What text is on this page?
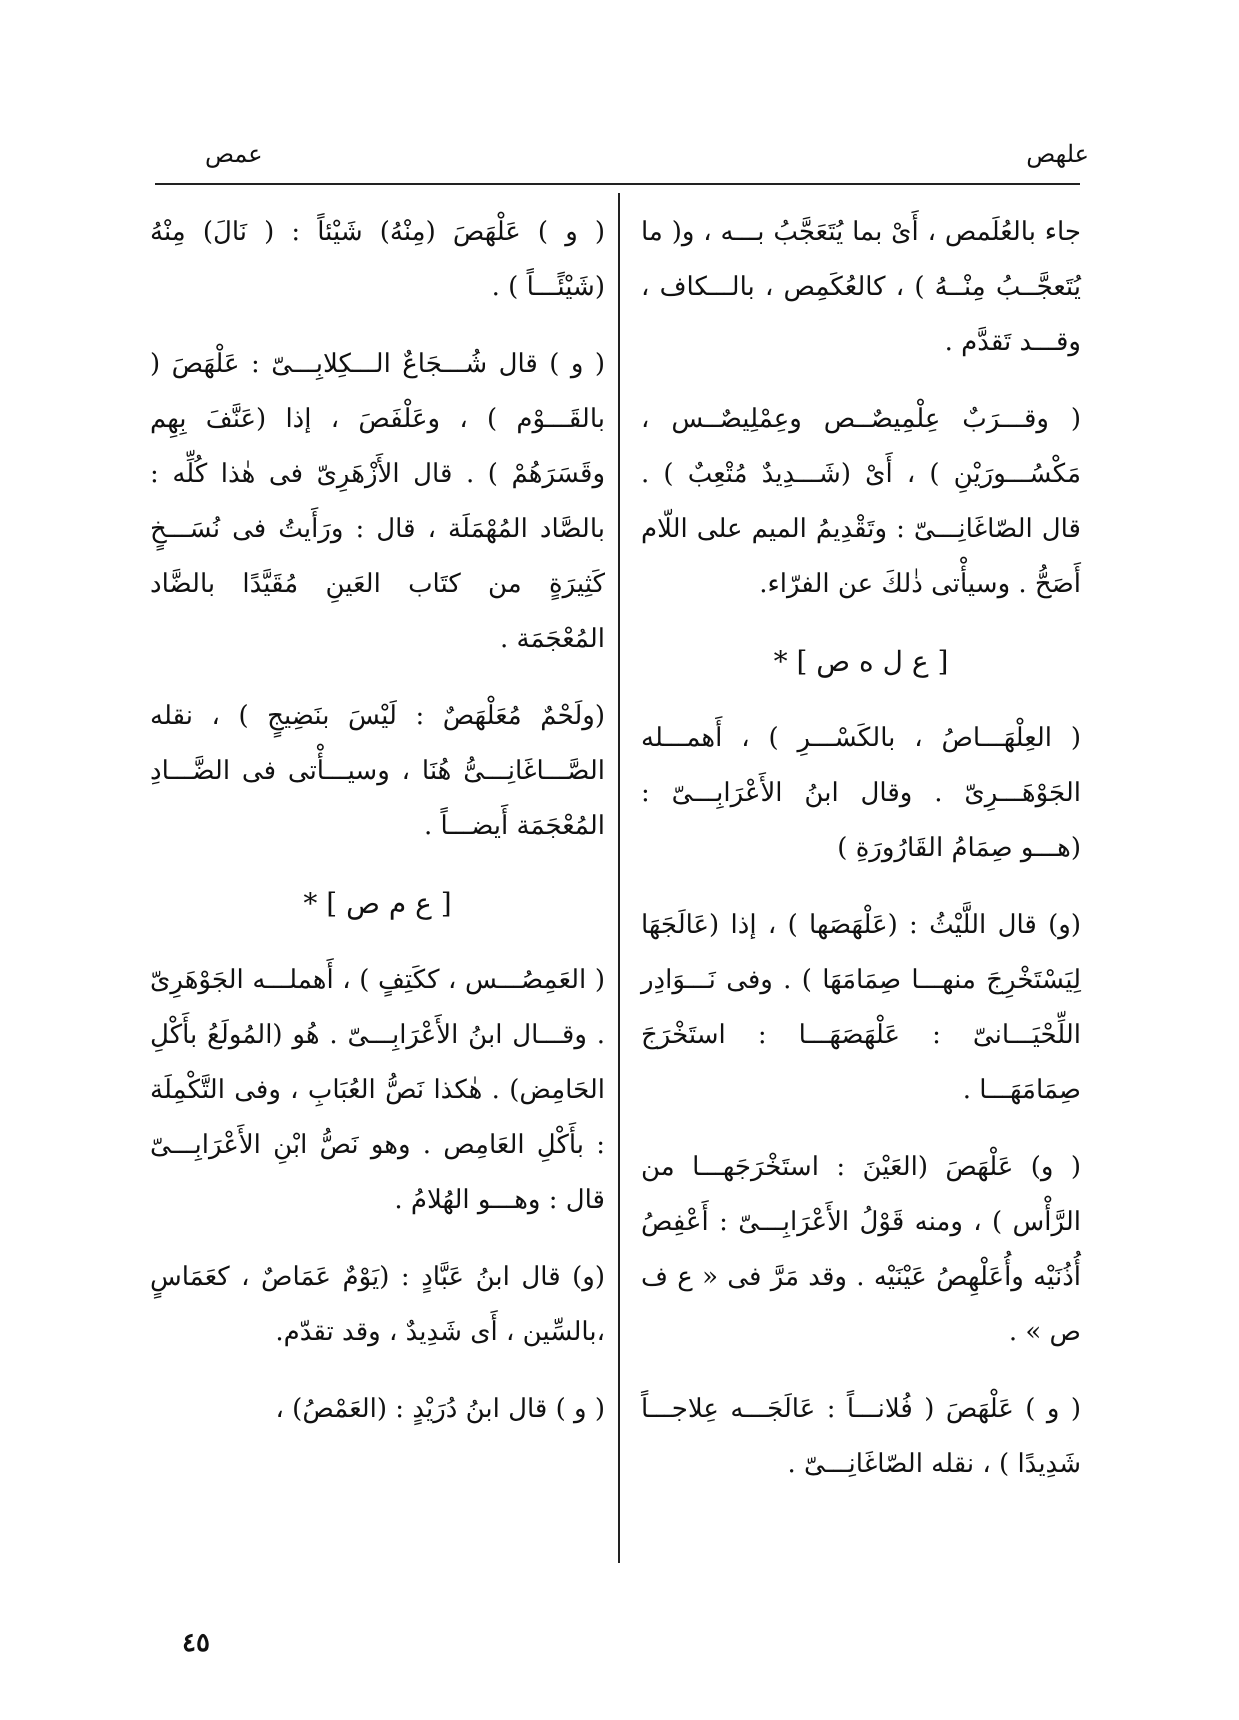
علهص
عمص

جاء بالعُلَمص ، أَىْ بما يُتَعَجَّبُ بـــه ، و( ما يُتَعجَّــبُ مِنْــهُ ) ، كالعُكَمِص ، بالـــكاف ، وقـــد تَقدَّم .

( وقـــرَبٌ عِلْمِيصٌــص وعِمْلِيصٌــس ، مَكْسُـــورَيْنِ ) ، أَىْ (شَـــدِيدٌ مُتْعِبٌ ) . قال الصّاغَانِـــىّ : وتَقْدِيمُ الميم على اللّام أَصَحُّ . وسيأْتى ذٰلكَ عن الفرّاء.

[ ع ل ه ص ] *

( العِلْهَـــاصُ ، بالكَسْـــرِ ) ، أَهمـــله الجَوْهَـــرِىّ . وقال ابنُ الأَعْرَابِـــىّ : (هـــو صِمَامُ القَارُورَةِ )

(و) قال اللَّيْثُ : (عَلْهَصَها ) ، إذا (عَالَجَهَا لِيَسْتَخْرِجَ منهـــا صِمَامَهَا ) . وفى نَـــوَادِر اللِّحْيَـــانىّ : عَلْهَصَهَـــا : استَخْرَجَ صِمَامَهَـــا .

( و) عَلْهَصَ (العَيْنَ : استَخْرَجَهـــا من الرَّأْس ) ، ومنه قَوْلُ الأَعْرَابِـــىّ : أَعْفِصُ أُذُنَيْه وأُعَلْهِصُ عَيْنَيْه . وقد مَرَّ فى « ع ف ص » .

( و ) عَلْهَصَ ( فُلانـــاً : عَالَجَـــه عِلاجـــاً شَدِيدًا ) ، نقله الصّاغَانِـــىّ .

( و ) عَلْهَصَ (مِنْهُ) شَيْئاً : ( نَالَ) مِنْهُ (شَيْئًـــاً ) .

( و ) قال شُـــجَاعٌ الـــكِلابِـــىّ : عَلْهَصَ ( بالقَـــوْم ) ، وعَلْفَصَ ، إذا (عَنَّفَ بِهِم وقَسَرَهُمْ ) . قال الأَزْهَرِىّ فى هٰذا كُلِّه : بالصَّاد المُهْمَلَة ، قال : ورَأَيتُ فى نُسَـــخٍ كَثِيرَةٍ من كتَاب العَينِ مُقَيَّدًا بالضَّاد المُعْجَمَة .

(ولَحْمٌ مُعَلْهَصٌ : لَيْسَ بنَضِيجٍ ) ، نقله الصَّـــاغَانِـــىُّ هُنَا ، وسيـــأْتى فى الضَّـــادِ المُعْجَمَة أَيضـــاً .

[ ع م ص ] *

( العَمِصُـــس ، ككَتِفٍ ) ، أَهملـــه الجَوْهَرِىّ . وقـــال ابنُ الأَعْرَابِـــىّ . هُو (المُولَعُ بأَكْلِ الحَامِض) . هٰكذا نَصُّ العُبَابِ ، وفى التَّكْمِلَة : بأَكْلِ العَامِص . وهو نَصُّ ابْنِ الأَعْرَابِـــىّ قال : وهـــو الهُلامُ .

(و) قال ابنُ عَبَّادٍ : (يَوْمٌ عَمَاصٌ ، كعَمَاسٍ ،بالسِّين ، أَى شَدِيدٌ ، وقد تقدّم.

( و ) قال ابنُ دُرَيْدٍ : (العَمْصُ) ،

٤٥
